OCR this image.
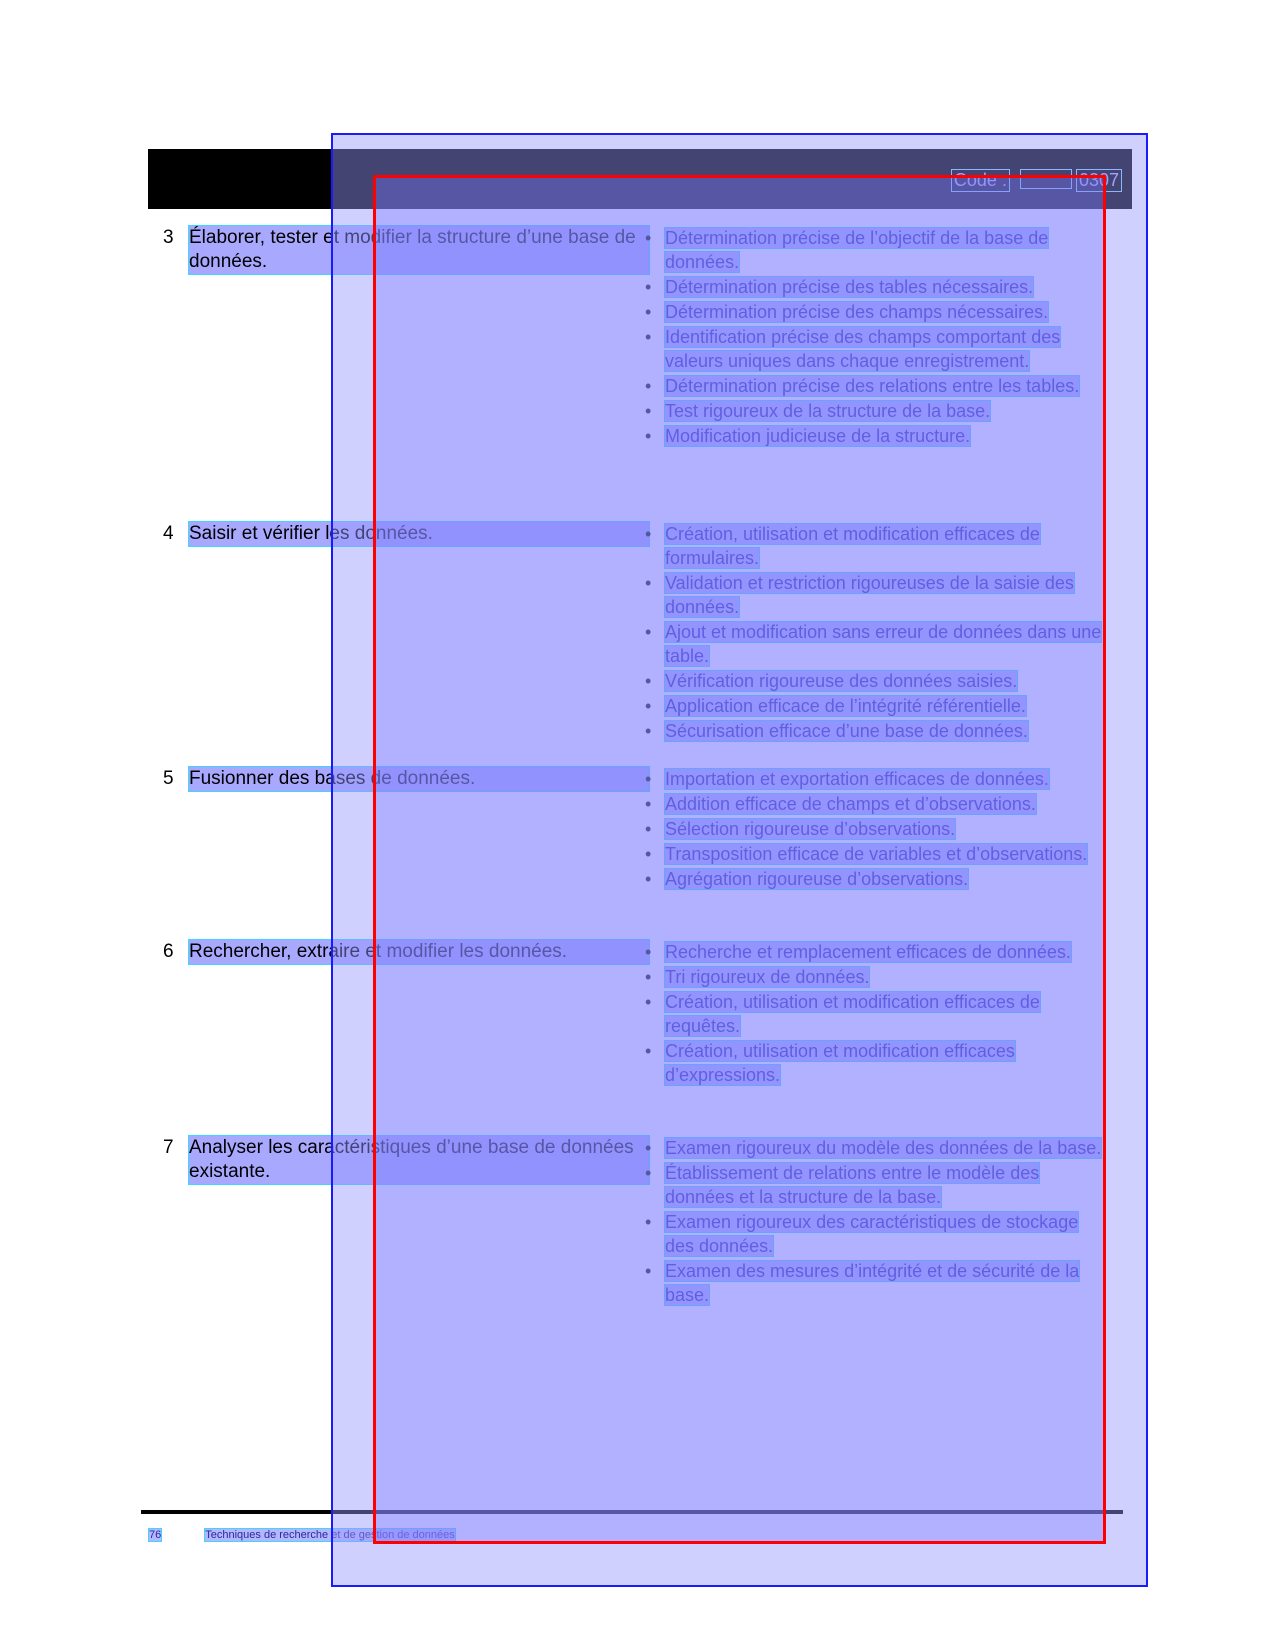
Code :	0307
3 Élaborer, tester et modifier la structure d’une base de données.
• Détermination précise de l’objectif de la base de données.
• Détermination précise des tables nécessaires.
• Détermination précise des champs nécessaires.
• Identification précise des champs comportant des valeurs uniques dans chaque enregistrement.
• Détermination précise des relations entre les tables.
• Test rigoureux de la structure de la base.
• Modification judicieuse de la structure.
4 Saisir et vérifier les données.	• Création, utilisation et modification efficaces de formulaires.
• Validation et restriction rigoureuses de la saisie des données.
• Ajout et modification sans erreur de données dans une table.
• Vérification rigoureuse des données saisies.
• Application efficace de l’intégrité référentielle.
• Sécurisation efficace d’une base de données.
5 Fusionner des bases de données.	• Importation et exportation efficaces de données.
• Addition efficace de champs et d’observations.
• Sélection rigoureuse d’observations.
• Transposition efficace de variables et d’observations.
• Agrégation rigoureuse d’observations.
6 Rechercher, extraire et modifier les données.	• Recherche et remplacement efficaces de données.
• Tri rigoureux de données.
• Création, utilisation et modification efficaces de requêtes.
• Création, utilisation et modification efficaces d’expressions.
7 Analyser les caractéristiques d’une base de données existante.
• Examen rigoureux du modèle des données de la base.
• Établissement de relations entre le modèle des données et la structure de la base.
• Examen rigoureux des caractéristiques de stockage des données.
• Examen des mesures d’intégrité et de sécurité de la base.
76	Techniques de recherche et de gestion de données
